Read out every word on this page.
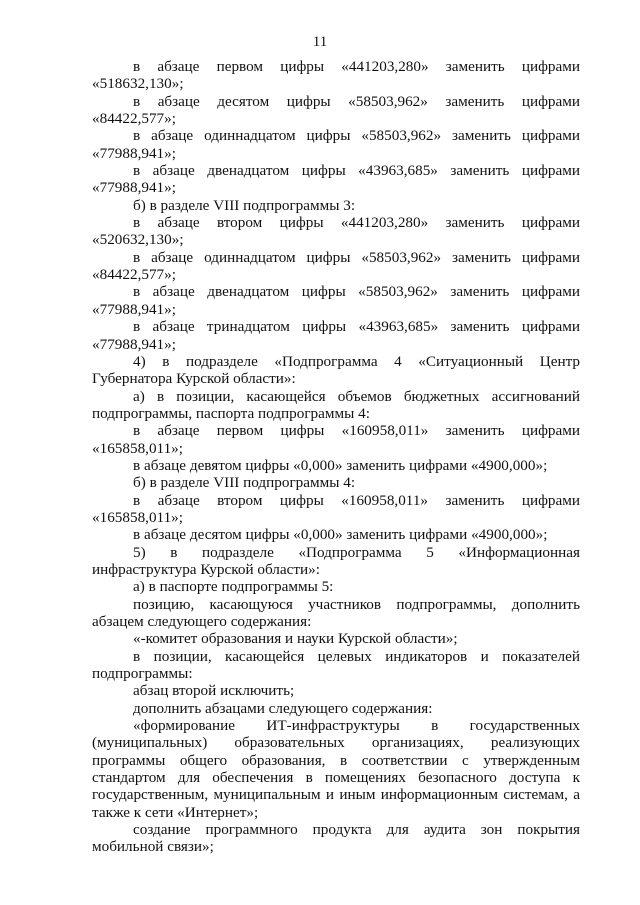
11

в абзаце первом цифры «441203,280» заменить цифрами «518632,130»;

в абзаце десятом цифры «58503,962» заменить цифрами «84422,577»;

в абзаце одиннадцатом цифры «58503,962» заменить цифрами «77988,941»;

в абзаце двенадцатом цифры «43963,685» заменить цифрами «77988,941»;

б) в разделе VIII подпрограммы 3:

в абзаце втором цифры «441203,280» заменить цифрами «520632,130»;

в абзаце одиннадцатом цифры «58503,962» заменить цифрами «84422,577»;

в абзаце двенадцатом цифры «58503,962» заменить цифрами «77988,941»;

в абзаце тринадцатом цифры «43963,685» заменить цифрами «77988,941»;

4) в подразделе «Подпрограмма 4 «Ситуационный Центр Губернатора Курской области»:

а) в позиции, касающейся объемов бюджетных ассигнований подпрограммы, паспорта подпрограммы 4:

в абзаце первом цифры «160958,011» заменить цифрами «165858,011»;

в абзаце девятом цифры «0,000» заменить цифрами «4900,000»;

б) в разделе VIII подпрограммы 4:

в абзаце втором цифры «160958,011» заменить цифрами «165858,011»;

в абзаце десятом цифры «0,000» заменить цифрами «4900,000»;

5) в подразделе «Подпрограмма 5 «Информационная инфраструктура Курской области»:

а) в паспорте подпрограммы 5:

позицию, касающуюся участников подпрограммы, дополнить абзацем следующего содержания:

«-комитет образования и науки Курской области»;

в позиции, касающейся целевых индикаторов и показателей подпрограммы:

абзац второй исключить;

дополнить абзацами следующего содержания:

«формирование ИТ-инфраструктуры в государственных (муниципальных) образовательных организациях, реализующих программы общего образования, в соответствии с утвержденным стандартом для обеспечения в помещениях безопасного доступа к государственным, муниципальным и иным информационным системам, а также к сети «Интернет»;

создание программного продукта для аудита зон покрытия мобильной связи»;
